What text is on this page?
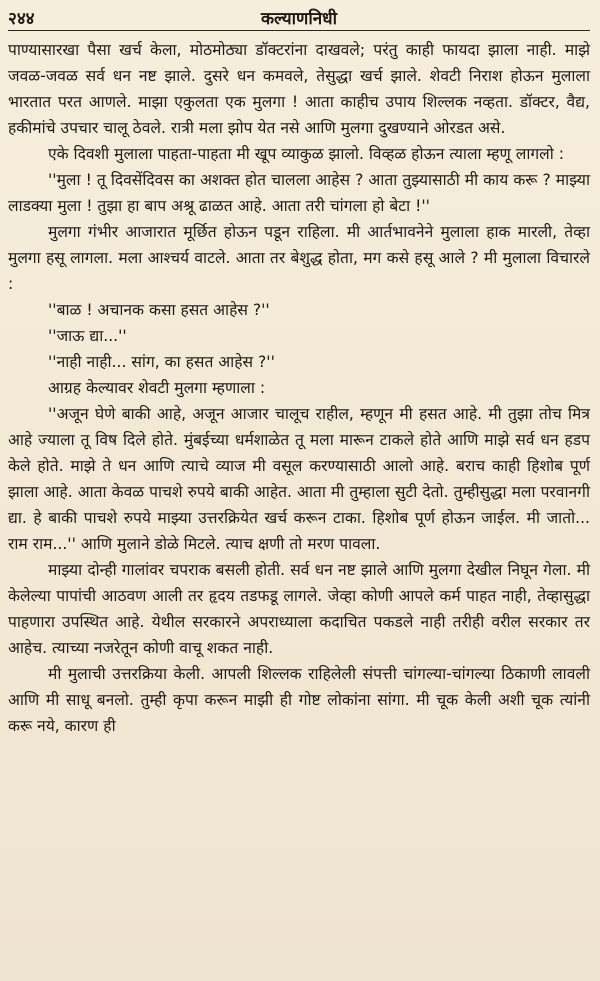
२४४	कल्याणनिधी

पाण्यासारखा पैसा खर्च केला, मोठमोठ्या डॉक्टरांना दाखवले; परंतु काही फायदा झाला नाही. माझे जवळ-जवळ सर्व धन नष्ट झाले. दुसरे धन कमवले, तेसुद्धा खर्च झाले. शेवटी निराश होऊन मुलाला भारतात परत आणले. माझा एकुलता एक मुलगा ! आता काहीच उपाय शिल्लक नव्हता. डॉक्टर, वैद्य, हकीमांचे उपचार चालू ठेवले. रात्री मला झोप येत नसे आणि मुलगा दुखण्याने ओरडत असे.

एके दिवशी मुलाला पाहता-पाहता मी खूप व्याकुळ झालो. विव्हळ होऊन त्याला म्हणू लागलो :

''मुला ! तू दिवसेंदिवस का अशक्त होत चालला आहेस ? आता तुझ्यासाठी मी काय करू ? माझ्या लाडक्या मुला ! तुझा हा बाप अश्रू ढाळत आहे. आता तरी चांगला हो बेटा !''

मुलगा गंभीर आजारात मूर्छित होऊन पडून राहिला. मी आर्तभावनेने मुलाला हाक मारली, तेव्हा मुलगा हसू लागला. मला आश्चर्य वाटले. आता तर बेशुद्ध होता, मग कसे हसू आले ? मी मुलाला विचारले :

''बाळ ! अचानक कसा हसत आहेस ?''

''जाऊ द्या...''

''नाही नाही... सांग, का हसत आहेस ?''

आग्रह केल्यावर शेवटी मुलगा म्हणाला :

''अजून घेणे बाकी आहे, अजून आजार चालूच राहील, म्हणून मी हसत आहे. मी तुझा तोच मित्र आहे ज्याला तू विष दिले होते. मुंबईच्या धर्मशाळेत तू मला मारून टाकले होते आणि माझे सर्व धन हडप केले होते. माझे ते धन आणि त्याचे व्याज मी वसूल करण्यासाठी आलो आहे. बराच काही हिशोब पूर्ण झाला आहे. आता केवळ पाचशे रुपये बाकी आहेत. आता मी तुम्हाला सुटी देतो. तुम्हीसुद्धा मला परवानगी द्या. हे बाकी पाचशे रुपये माझ्या उत्तरक्रियेत खर्च करून टाका. हिशोब पूर्ण होऊन जाईल. मी जातो... राम राम...'' आणि मुलाने डोळे मिटले. त्याच क्षणी तो मरण पावला.

माझ्या दोन्ही गालांवर चपराक बसली होती. सर्व धन नष्ट झाले आणि मुलगा देखील निघून गेला. मी केलेल्या पापांची आठवण आली तर हृदय तडफडू लागले. जेव्हा कोणी आपले कर्म पाहत नाही, तेव्हासुद्धा पाहणारा उपस्थित आहे. येथील सरकारने अपराध्याला कदाचित पकडले नाही तरीही वरील सरकार तर आहेच. त्याच्या नजरेतून कोणी वाचू शकत नाही.

मी मुलाची उत्तरक्रिया केली. आपली शिल्लक राहिलेली संपत्ती चांगल्या-चांगल्या ठिकाणी लावली आणि मी साधू बनलो. तुम्ही कृपा करून माझी ही गोष्ट लोकांना सांगा. मी चूक केली अशी चूक त्यांनी करू नये, कारण ही
